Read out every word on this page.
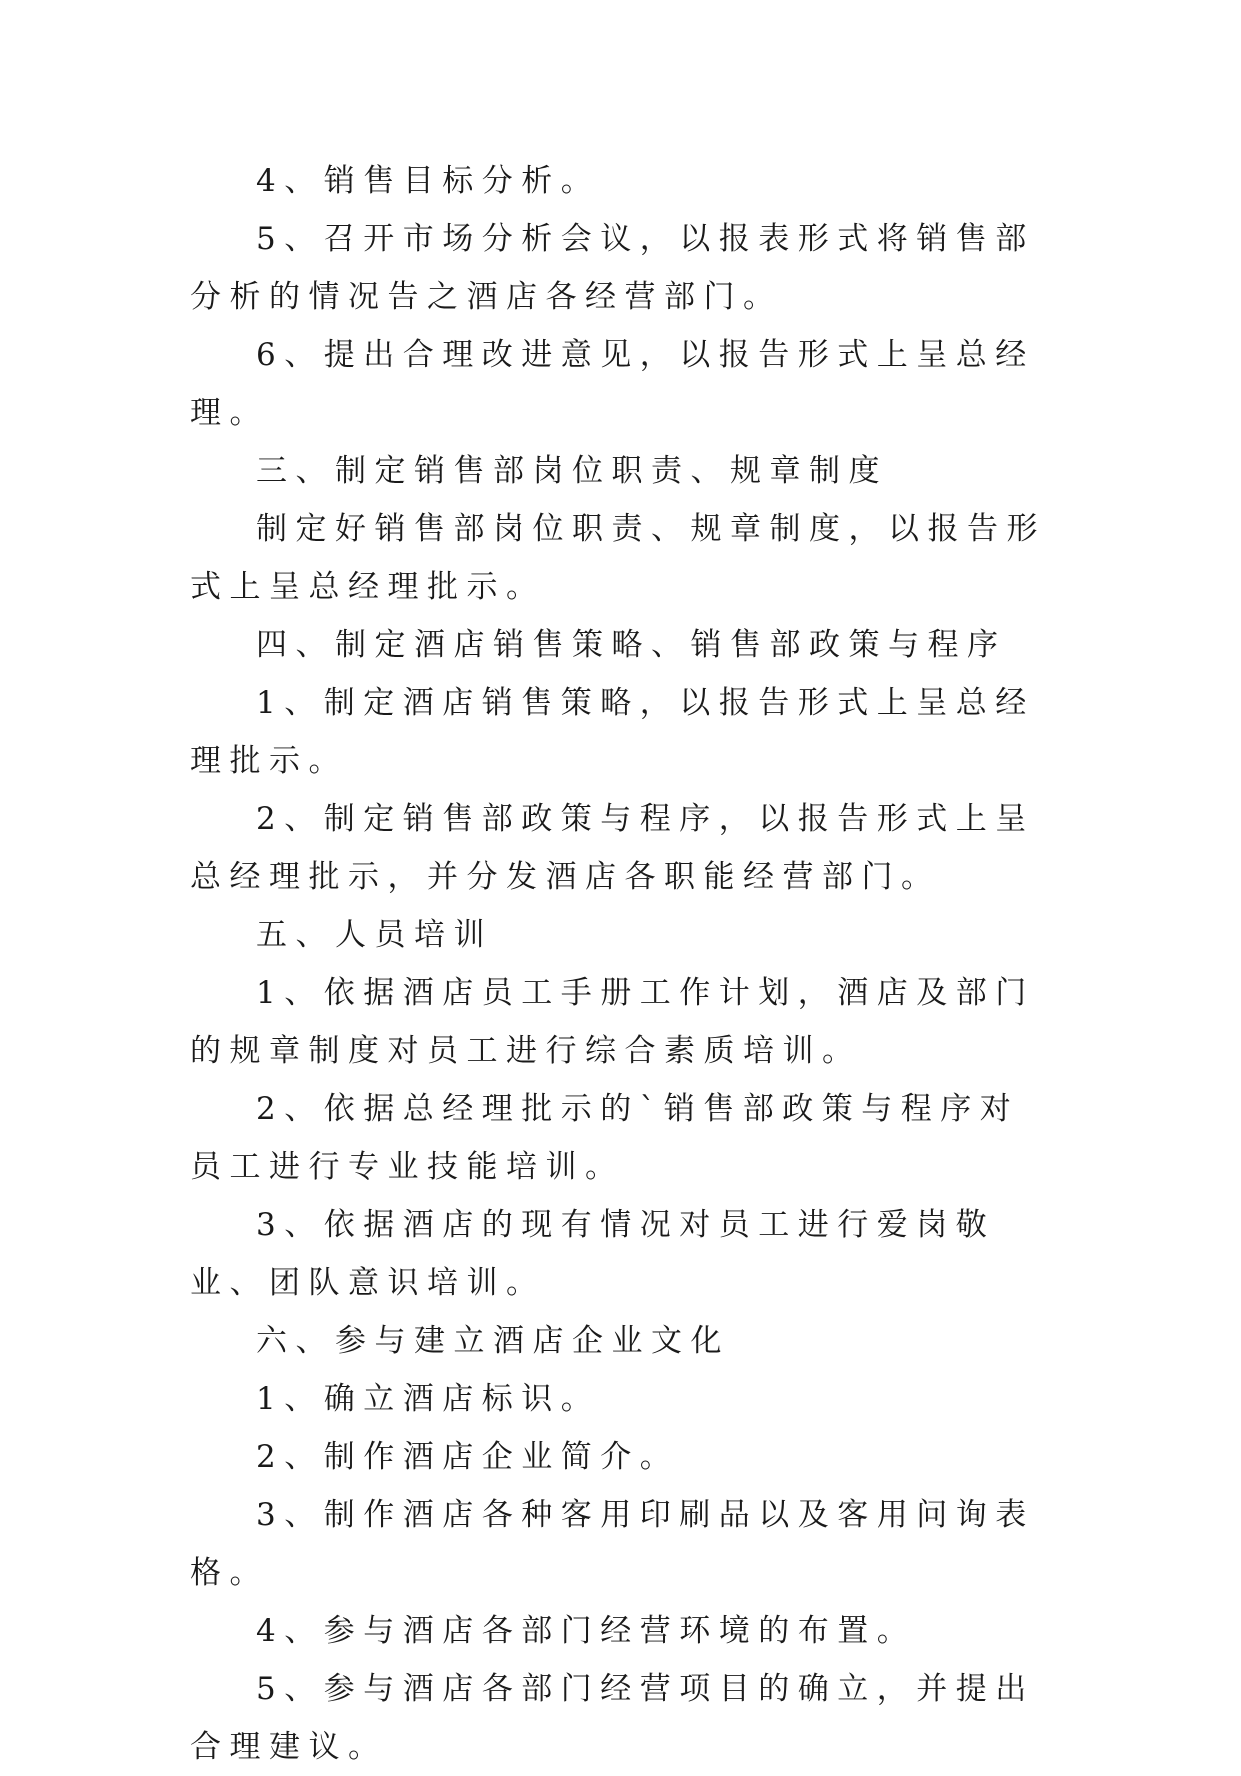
4、销售目标分析。

5、召开市场分析会议，以报表形式将销售部分析的情况告之酒店各经营部门。

6、提出合理改进意见，以报告形式上呈总经理。

三、制定销售部岗位职责、规章制度

制定好销售部岗位职责、规章制度，以报告形式上呈总经理批示。

四、制定酒店销售策略、销售部政策与程序

1、制定酒店销售策略，以报告形式上呈总经理批示。

2、制定销售部政策与程序，以报告形式上呈总经理批示，并分发酒店各职能经营部门。

五、人员培训

1、依据酒店员工手册工作计划，酒店及部门的规章制度对员工进行综合素质培训。

2、依据总经理批示的`销售部政策与程序对员工进行专业技能培训。

3、依据酒店的现有情况对员工进行爱岗敬业、团队意识培训。

六、参与建立酒店企业文化

1、确立酒店标识。

2、制作酒店企业简介。

3、制作酒店各种客用印刷品以及客用问询表格。

4、参与酒店各部门经营环境的布置。

5、参与酒店各部门经营项目的确立，并提出合理建议。
